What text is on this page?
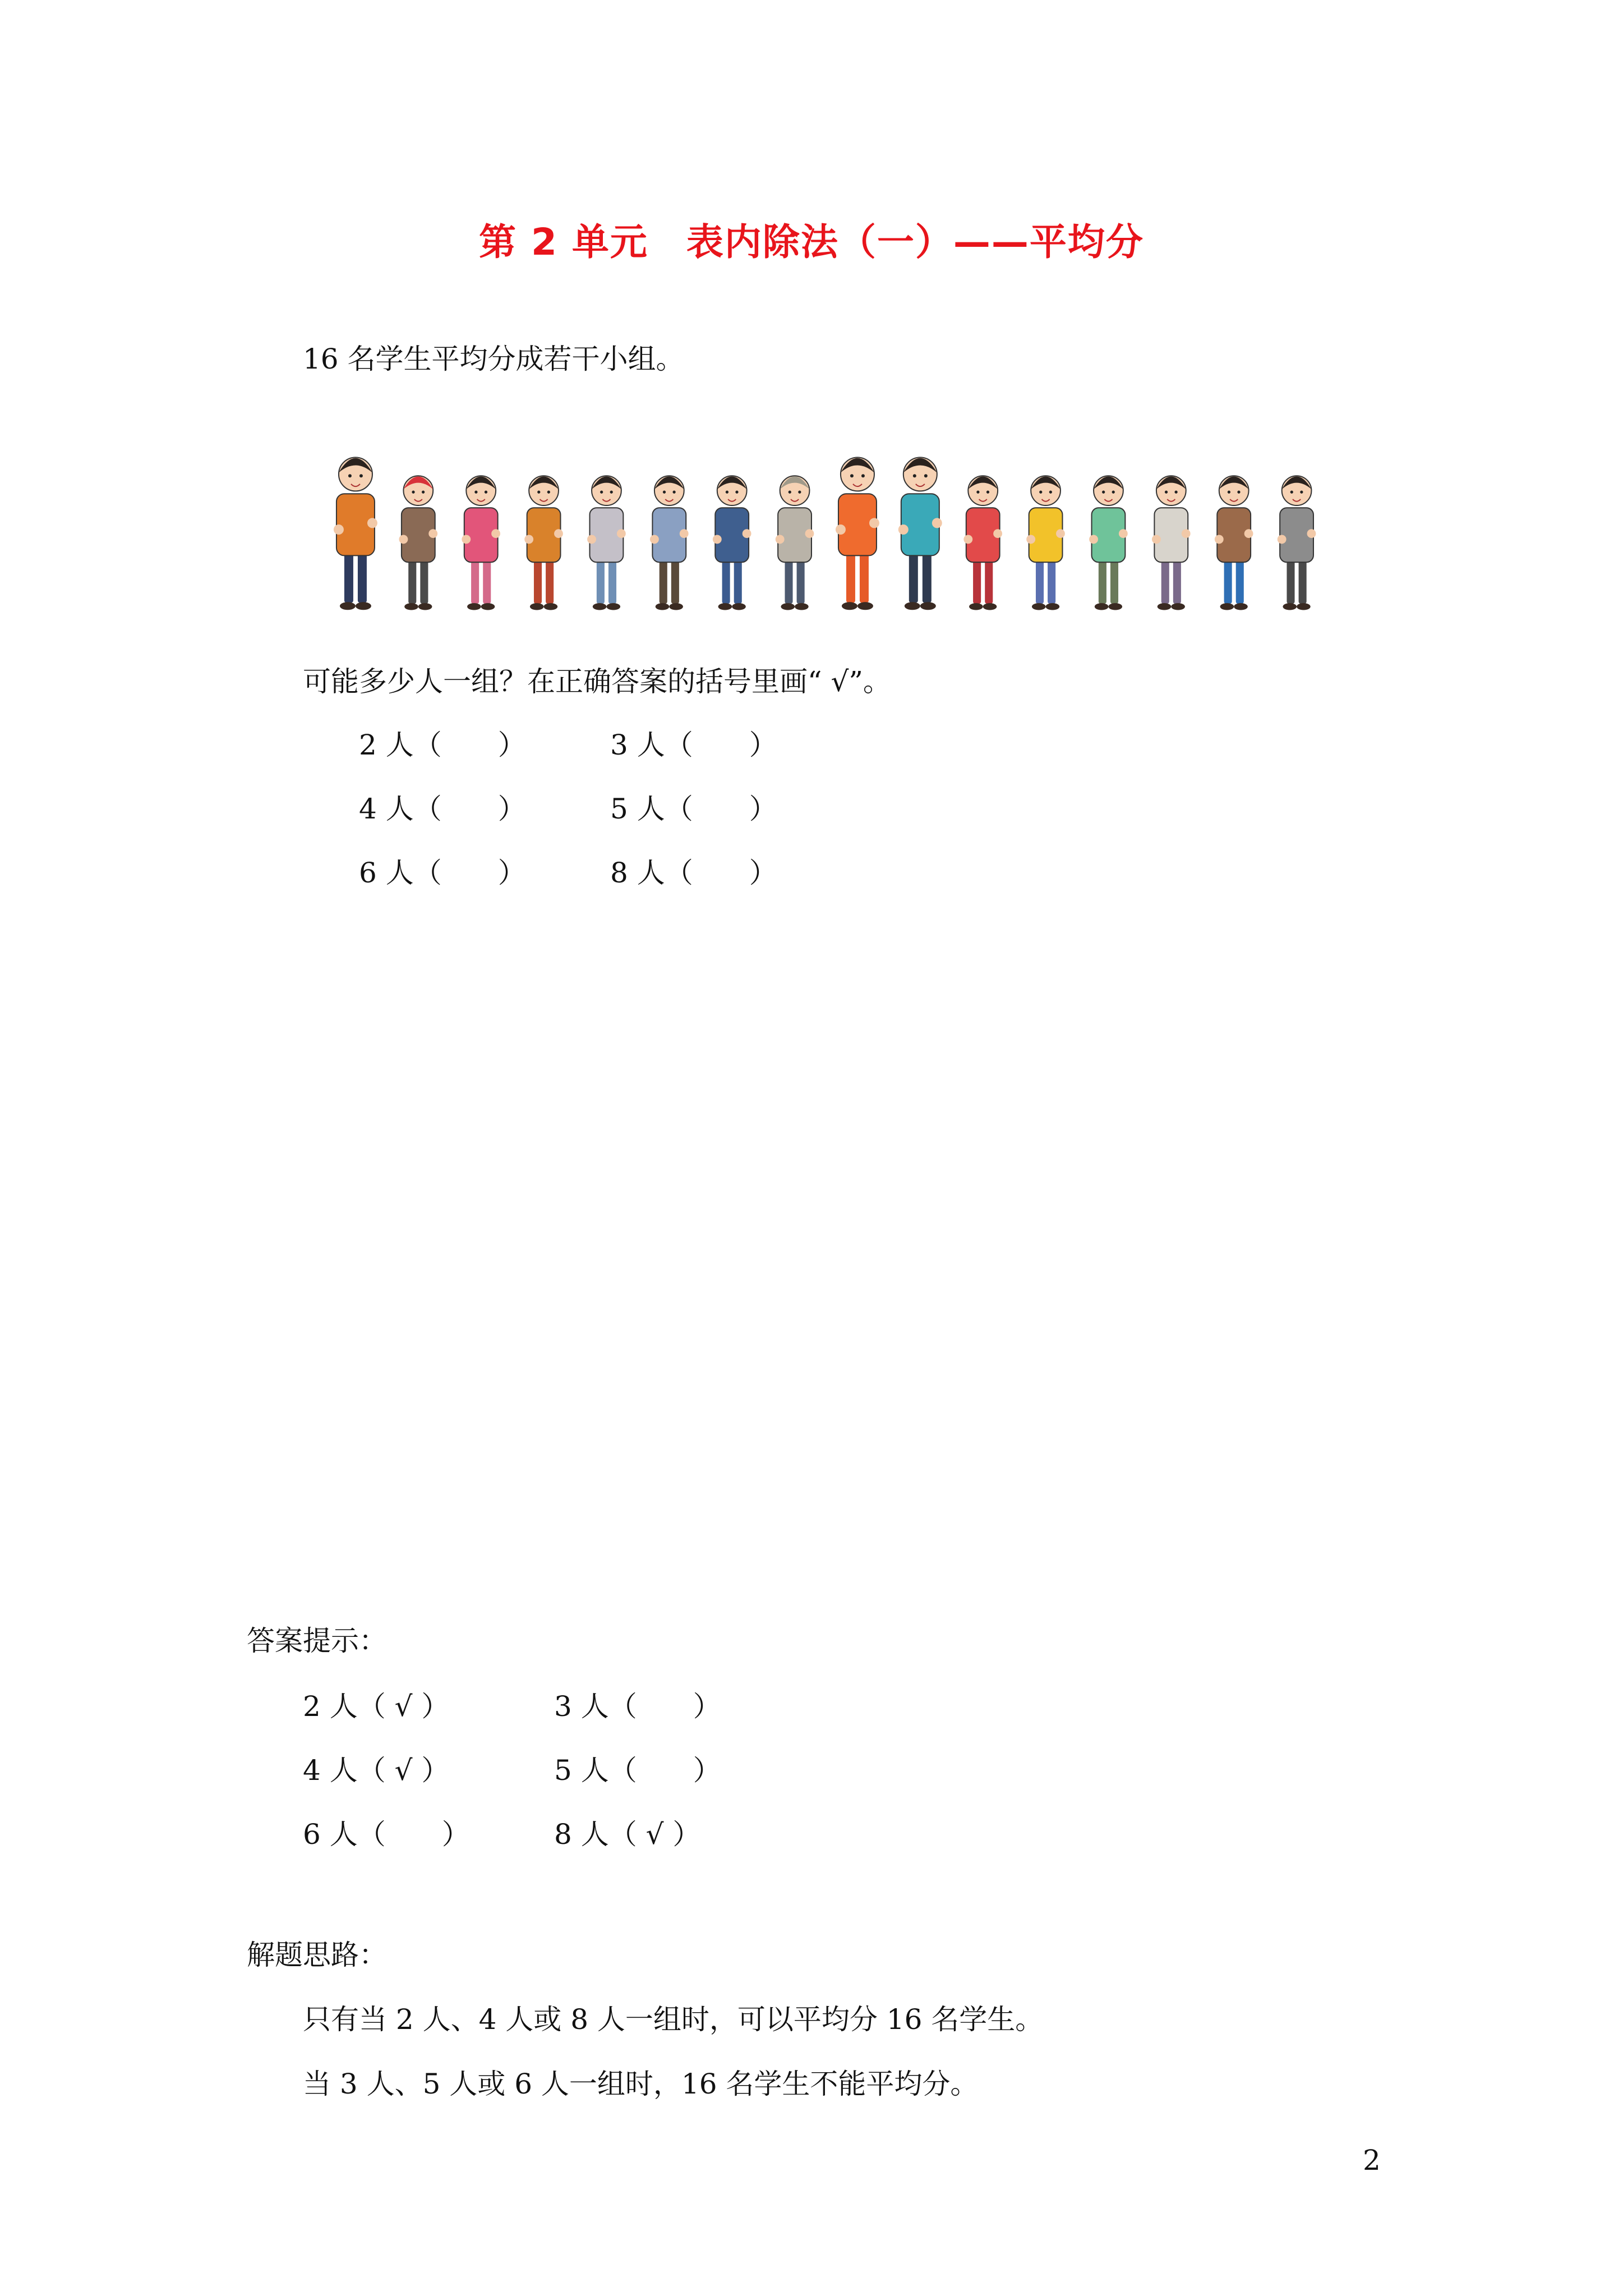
第 2 单元　表内除法（一）——平均分
16 名学生平均分成若干小组。

可能多少人一组？在正确答案的括号里画“ √”。
2 人（　　）	3 人（　　）
4 人（　　）	5 人（　　）
6 人（　　）	8 人（　　）
答案提示：
2 人（ √ ）	3 人（　　）
4 人（ √ ）	5 人（　　）
6 人（　　）	8 人（ √ ）
解题思路：
只有当 2 人、4 人或 8 人一组时，可以平均分 16 名学生。
当 3 人、5 人或 6 人一组时，16 名学生不能平均分。
2
